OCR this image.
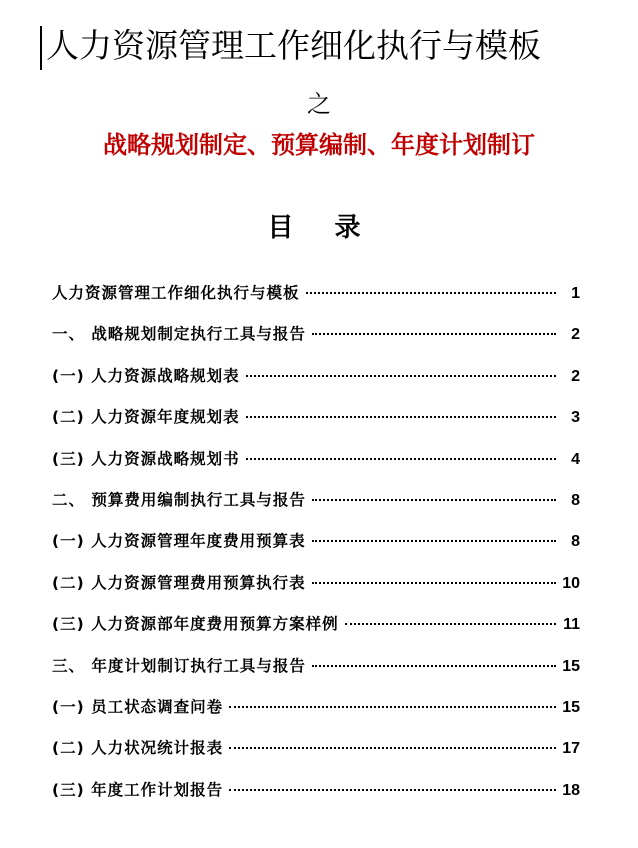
人力资源管理工作细化执行与模板
之
战略规划制定、预算编制、年度计划制订
目 录
人力资源管理工作细化执行与模板	1
一、 战略规划制定执行工具与报告	2
(一) 人力资源战略规划表	2
(二) 人力资源年度规划表	3
(三) 人力资源战略规划书	4
二、 预算费用编制执行工具与报告	8
(一) 人力资源管理年度费用预算表	8
(二) 人力资源管理费用预算执行表	10
(三) 人力资源部年度费用预算方案样例	11
三、 年度计划制订执行工具与报告	15
(一) 员工状态调查问卷	15
(二) 人力状况统计报表	17
(三) 年度工作计划报告	18
